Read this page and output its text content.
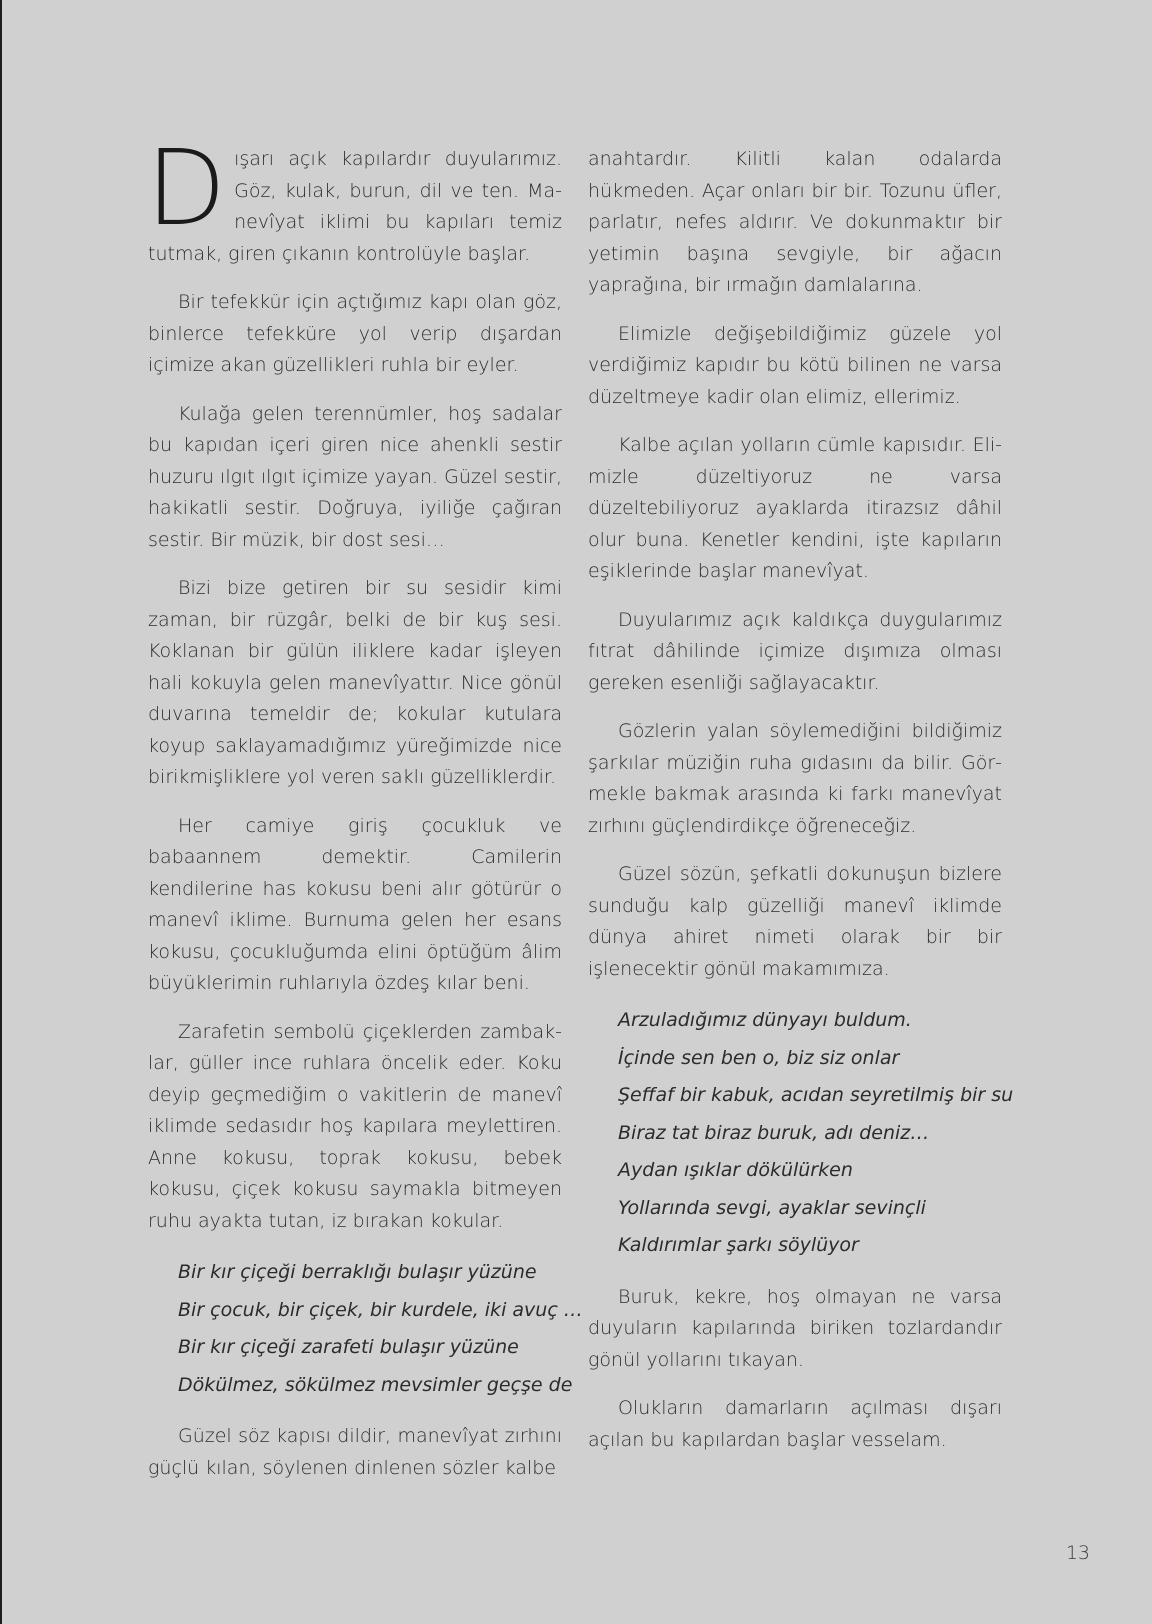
Dışarı açık kapılardır duyularımız. Göz, kulak, burun, dil ve ten. Manevîyat iklimi bu kapıları temiz tutmak, giren çıkanın kontrolüyle başlar.

Bir tefekkür için açtığımız kapı olan göz, binlerce tefekküre yol verip dışardan içimize akan güzellikleri ruhla bir eyler.

Kulağa gelen terennümler, hoş sadalar bu kapıdan içeri giren nice ahenkli sestir huzuru ılgıt ılgıt içimize yayan. Güzel sestir, hakikatli sestir. Doğruya, iyiliğe çağıran sestir. Bir müzik, bir dost sesi…

Bizi bize getiren bir su sesidir kimi zaman, bir rüzgâr, belki de bir kuş sesi. Koklanan bir gülün iliklere kadar işleyen hali kokuyla gelen manevîyattır. Nice gönül duvarına temeldir de; kokular kutulara koyup saklayamadığımız yüreğimizde nice birikmişliklere yol veren saklı güzelliklerdir.

Her camiye giriş çocukluk ve babaannem demektir. Camilerin kendilerine has kokusu beni alır götürür o manevî iklime. Burnuma gelen her esans kokusu, çocukluğumda elini öptüğüm âlim büyüklerimin ruhlarıyla özdeş kılar beni.

Zarafetin sembolü çiçeklerden zambaklar, güller ince ruhlara öncelik eder. Koku deyip geçmediğim o vakitlerin de manevî iklimde sedasıdır hoş kapılara meylettiren. Anne kokusu, toprak kokusu, bebek kokusu, çiçek kokusu saymakla bitmeyen ruhu ayakta tutan, iz bırakan kokular.

Bir kır çiçeği berraklığı bulaşır yüzüne
Bir çocuk, bir çiçek, bir kurdele, iki avuç …
Bir kır çiçeği zarafeti bulaşır yüzüne
Dökülmez, sökülmez mevsimler geçşe de

Güzel söz kapısı dildir, manevîyat zırhını güçlü kılan, söylenen dinlenen sözler kalbe

anahtardır. Kilitli kalan odalarda hükmeden. Açar onları bir bir. Tozunu üfler, parlatır, nefes aldırır. Ve dokunmaktır bir yetimin başına sevgiyle, bir ağacın yaprağına, bir ırmağın damlalarına.

Elimizle değişebildiğimiz güzele yol verdiğimiz kapıdır bu kötü bilinen ne varsa düzeltmeye kadir olan elimiz, ellerimiz.

Kalbe açılan yolların cümle kapısıdır. Elimizle düzeltiyoruz ne varsa düzeltebiliyoruz ayaklarda itirazsız dâhil olur buna. Kenetler kendini, işte kapıların eşiklerinde başlar manevîyat.

Duyularımız açık kaldıkça duygularımız fıtrat dâhilinde içimize dışımıza olması gereken esenliği sağlayacaktır.

Gözlerin yalan söylemediğini bildiğimiz şarkılar müziğin ruha gıdasını da bilir. Görmekle bakmak arasında ki farkı manevîyat zırhını güçlendirdikçe öğreneceğiz.

Güzel sözün, şefkatli dokunuşun bizlere sunduğu kalp güzelliği manevî iklimde dünya ahiret nimeti olarak bir bir işlenecektir gönül makamımıza.

Arzuladığımız dünyayı buldum.
İçinde sen ben o, biz siz onlar
Şeffaf bir kabuk, acıdan seyretilmiş bir su
Biraz tat biraz buruk, adı deniz…
Aydan ışıklar dökülürken
Yollarında sevgi, ayaklar sevinçli
Kaldırımlar şarkı söylüyor

Buruk, kekre, hoş olmayan ne varsa duyuların kapılarında biriken tozlardandır gönül yollarını tıkayan.

Olukların damarların açılması dışarı açılan bu kapılardan başlar vesselam.

13
